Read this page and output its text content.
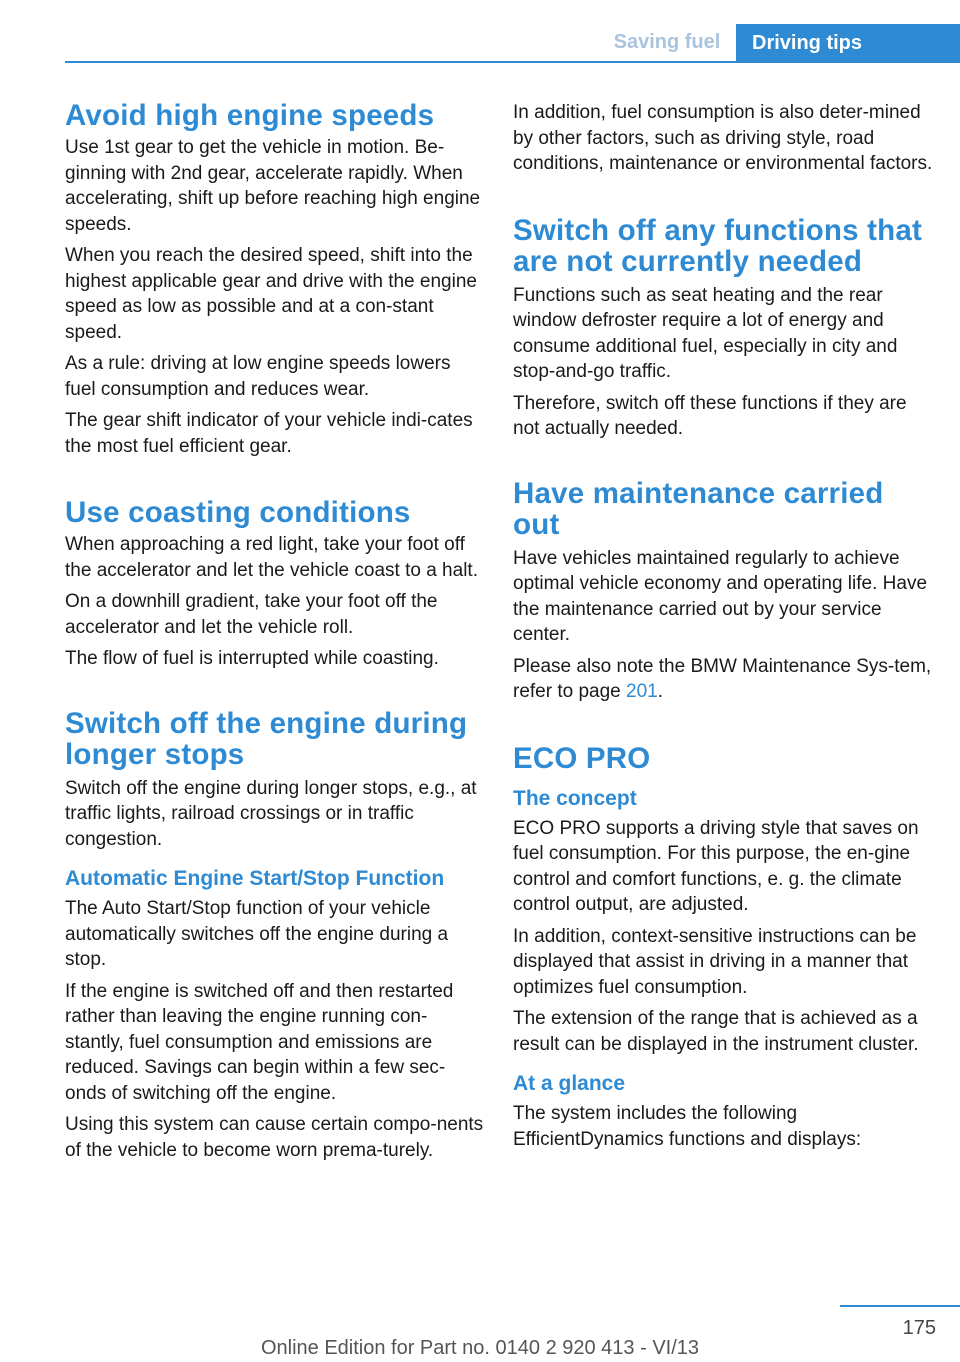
Saving fuel	Driving tips
Avoid high engine speeds

Use 1st gear to get the vehicle in motion. Be‐ginning with 2nd gear, accelerate rapidly. When accelerating, shift up before reaching high engine speeds.

When you reach the desired speed, shift into the highest applicable gear and drive with the engine speed as low as possible and at a con‐stant speed.

As a rule: driving at low engine speeds lowers fuel consumption and reduces wear.

The gear shift indicator of your vehicle indi‐cates the most fuel efficient gear.

Use coasting conditions

When approaching a red light, take your foot off the accelerator and let the vehicle coast to a halt.

On a downhill gradient, take your foot off the accelerator and let the vehicle roll.

The flow of fuel is interrupted while coasting.

Switch off the engine during longer stops

Switch off the engine during longer stops, e.g., at traffic lights, railroad crossings or in traffic congestion.

Automatic Engine Start/Stop Function

The Auto Start/Stop function of your vehicle automatically switches off the engine during a stop.

If the engine is switched off and then restarted rather than leaving the engine running con‐stantly, fuel consumption and emissions are reduced. Savings can begin within a few sec‐onds of switching off the engine.

Using this system can cause certain compo‐nents of the vehicle to become worn prema‐turely.

In addition, fuel consumption is also deter‐mined by other factors, such as driving style, road conditions, maintenance or environmental factors.

Switch off any functions that are not currently needed

Functions such as seat heating and the rear window defroster require a lot of energy and consume additional fuel, especially in city and stop-and-go traffic.

Therefore, switch off these functions if they are not actually needed.

Have maintenance carried out

Have vehicles maintained regularly to achieve optimal vehicle economy and operating life. Have the maintenance carried out by your service center.

Please also note the BMW Maintenance Sys‐tem, refer to page 201.

ECO PRO
The concept

ECO PRO supports a driving style that saves on fuel consumption. For this purpose, the en‐gine control and comfort functions, e. g. the climate control output, are adjusted.

In addition, context-sensitive instructions can be displayed that assist in driving in a manner that optimizes fuel consumption.

The extension of the range that is achieved as a result can be displayed in the instrument cluster.

At a glance

The system includes the following EfficientDynamics functions and displays:

175
Online Edition for Part no. 0140 2 920 413 - VI/13
